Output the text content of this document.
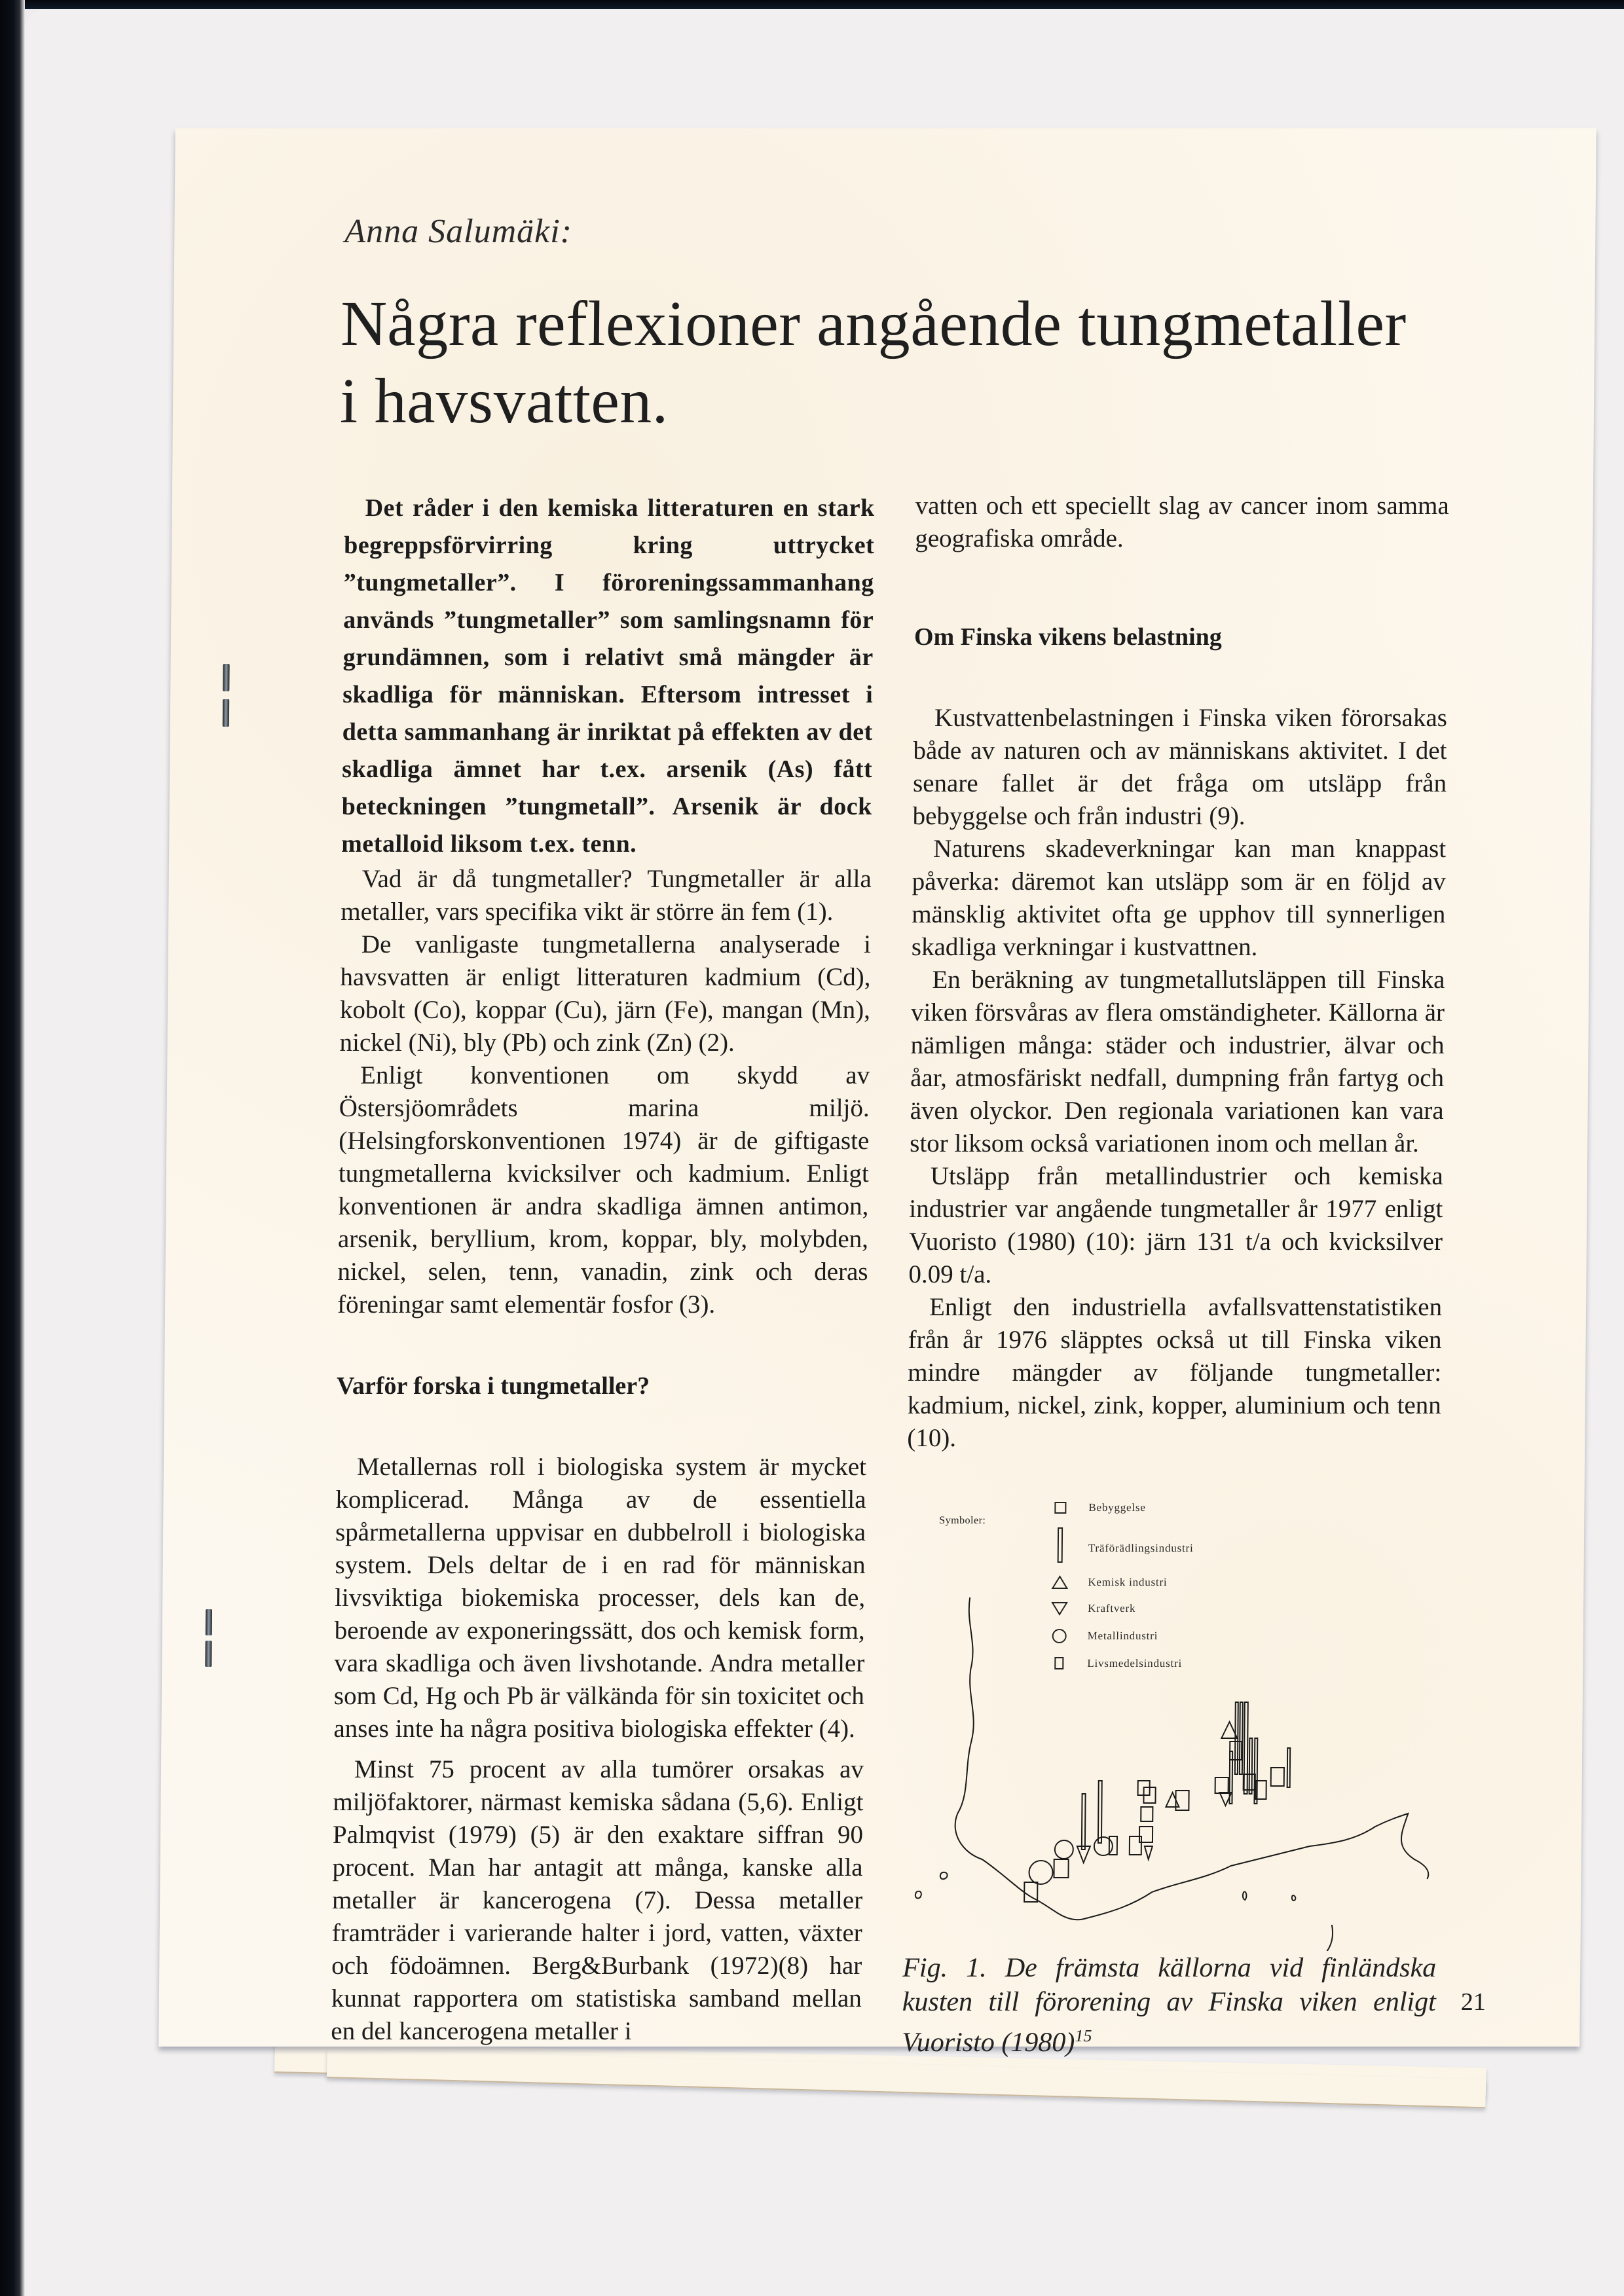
Anna Salumäki:
Några reflexioner angående tungmetaller
i havsvatten.

Det råder i den kemiska litteraturen en stark begreppsförvirring kring uttrycket ”tungmetaller”. I föroreningssammanhang används ”tungmetaller” som samlingsnamn för grundämnen, som i relativt små mängder är skadliga för människan. Eftersom intresset i detta sammanhang är inriktat på effekten av det skadliga ämnet har t.ex. arsenik (As) fått beteckningen ”tungmetall”. Arsenik är dock metalloid liksom t.ex. tenn.

Vad är då tungmetaller? Tungmetaller är alla metaller, vars specifika vikt är större än fem (1).

De vanligaste tungmetallerna analyserade i havsvatten är enligt litteraturen kadmium (Cd), kobolt (Co), koppar (Cu), järn (Fe), mangan (Mn), nickel (Ni), bly (Pb) och zink (Zn) (2).

Enligt konventionen om skydd av Östersjöområdets marina miljö. (Helsingforskonventionen 1974) är de giftigaste tungmetallerna kvicksilver och kadmium. Enligt konventionen är andra skadliga ämnen antimon, arsenik, beryllium, krom, koppar, bly, molybden, nickel, selen, tenn, vanadin, zink och deras föreningar samt elementär fosfor (3).

Varför forska i tungmetaller?

Metallernas roll i biologiska system är mycket komplicerad. Många av de essentiella spårmetallerna uppvisar en dubbelroll i biologiska system. Dels deltar de i en rad för människan livsviktiga biokemiska processer, dels kan de, beroende av exponeringssätt, dos och kemisk form, vara skadliga och även livshotande. Andra metaller som Cd, Hg och Pb är välkända för sin toxicitet och anses inte ha några positiva biologiska effekter (4).

Minst 75 procent av alla tumörer orsakas av miljöfaktorer, närmast kemiska sådana (5,6). Enligt Palmqvist (1979) (5) är den exaktare siffran 90 procent. Man har antagit att många, kanske alla metaller är kancerogena (7). Dessa metaller framträder i varierande halter i jord, vatten, växter och födoämnen. Berg&Burbank (1972)(8) har kunnat rapportera om statistiska samband mellan en del kancerogena metaller i

vatten och ett speciellt slag av cancer inom samma geografiska område.

Om Finska vikens belastning

Kustvattenbelastningen i Finska viken förorsakas både av naturen och av människans aktivitet. I det senare fallet är det fråga om utsläpp från bebyggelse och från industri (9).

Naturens skadeverkningar kan man knappast påverka: däremot kan utsläpp som är en följd av mänsklig aktivitet ofta ge upphov till synnerligen skadliga verkningar i kustvattnen.

En beräkning av tungmetallutsläppen till Finska viken försvåras av flera omständigheter. Källorna är nämligen många: städer och industrier, älvar och åar, atmosfäriskt nedfall, dumpning från fartyg och även olyckor. Den regionala variationen kan vara stor liksom också variationen inom och mellan år.

Utsläpp från metallindustrier och kemiska industrier var angående tungmetaller år 1977 enligt Vuoristo (1980) (10): järn 131 t/a och kvicksilver 0.09 t/a.

Enligt den industriella avfallsvattenstatistiken från år 1976 släpptes också ut till Finska viken mindre mängder av följande tungmetaller: kadmium, nickel, zink, kopper, aluminium och tenn (10).

Symboler:
Bebyggelse
Träförädlingsindustri
Kemisk industri
Kraftverk
Metallindustri
Livsmedelsindustri
Fig. 1. De främsta källorna vid finländska kusten till förorening av Finska viken enligt Vuoristo $(1980)^{15}$
21
